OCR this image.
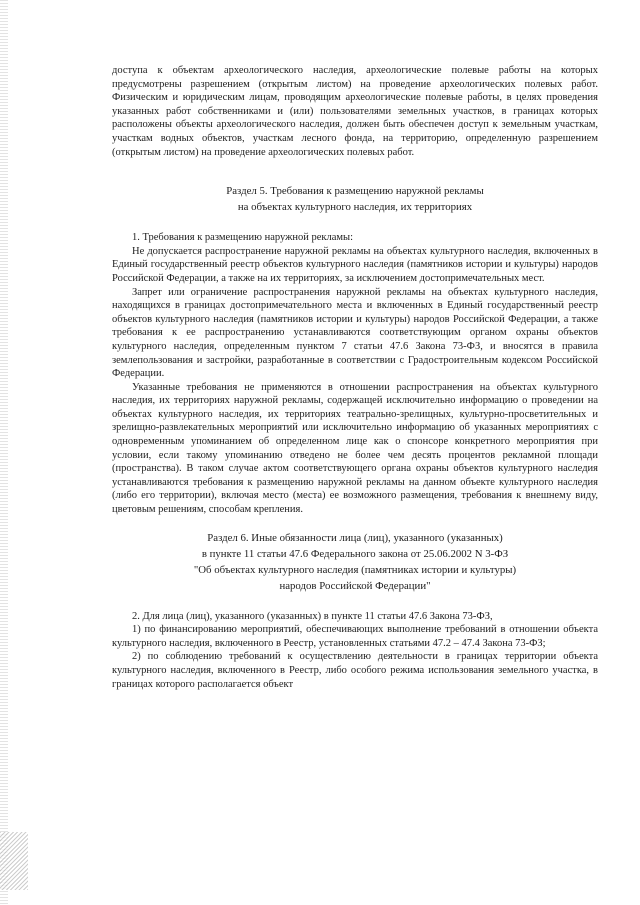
доступа к объектам археологического наследия, археологические полевые работы на которых предусмотрены разрешением (открытым листом) на проведение археологических полевых работ. Физическим и юридическим лицам, проводящим археологические полевые работы, в целях проведения указанных работ собственниками и (или) пользователями земельных участков, в границах которых расположены объекты археологического наследия, должен быть обеспечен доступ к земельным участкам, участкам водных объектов, участкам лесного фонда, на территорию, определенную разрешением (открытым листом) на проведение археологических полевых работ.

Раздел 5. Требования к размещению наружной рекламы
на объектах культурного наследия, их территориях

1. Требования к размещению наружной рекламы:

Не допускается распространение наружной рекламы на объектах культурного наследия, включенных в Единый государственный реестр объектов культурного наследия (памятников истории и культуры) народов Российской Федерации, а также на их территориях, за исключением достопримечательных мест.

Запрет или ограничение распространения наружной рекламы на объектах культурного наследия, находящихся в границах достопримечательного места и включенных в Единый государственный реестр объектов культурного наследия (памятников истории и культуры) народов Российской Федерации, а также требования к ее распространению устанавливаются соответствующим органом охраны объектов культурного наследия, определенным пунктом 7 статьи 47.6 Закона 73-ФЗ, и вносятся в правила землепользования и застройки, разработанные в соответствии с Градостроительным кодексом Российской Федерации.

Указанные требования не применяются в отношении распространения на объектах культурного наследия, их территориях наружной рекламы, содержащей исключительно информацию о проведении на объектах культурного наследия, их территориях театрально-зрелищных, культурно-просветительных и зрелищно-развлекательных мероприятий или исключительно информацию об указанных мероприятиях с одновременным упоминанием об определенном лице как о спонсоре конкретного мероприятия при условии, если такому упоминанию отведено не более чем десять процентов рекламной площади (пространства). В таком случае актом соответствующего органа охраны объектов культурного наследия устанавливаются требования к размещению наружной рекламы на данном объекте культурного наследия (либо его территории), включая место (места) ее возможного размещения, требования к внешнему виду, цветовым решениям, способам крепления.

Раздел 6. Иные обязанности лица (лиц), указанного (указанных)
в пункте 11 статьи 47.6 Федерального закона от 25.06.2002 N 3-ФЗ
"Об объектах культурного наследия (памятниках истории и культуры)
народов Российской Федерации"

2. Для лица (лиц), указанного (указанных) в пункте 11 статьи 47.6 Закона 73-ФЗ,

1) по финансированию мероприятий, обеспечивающих выполнение требований в отношении объекта культурного наследия, включенного в Реестр, установленных статьями 47.2 – 47.4 Закона 73-ФЗ;

2) по соблюдению требований к осуществлению деятельности в границах территории объекта культурного наследия, включенного в Реестр, либо особого режима использования земельного участка, в границах которого располагается объект
